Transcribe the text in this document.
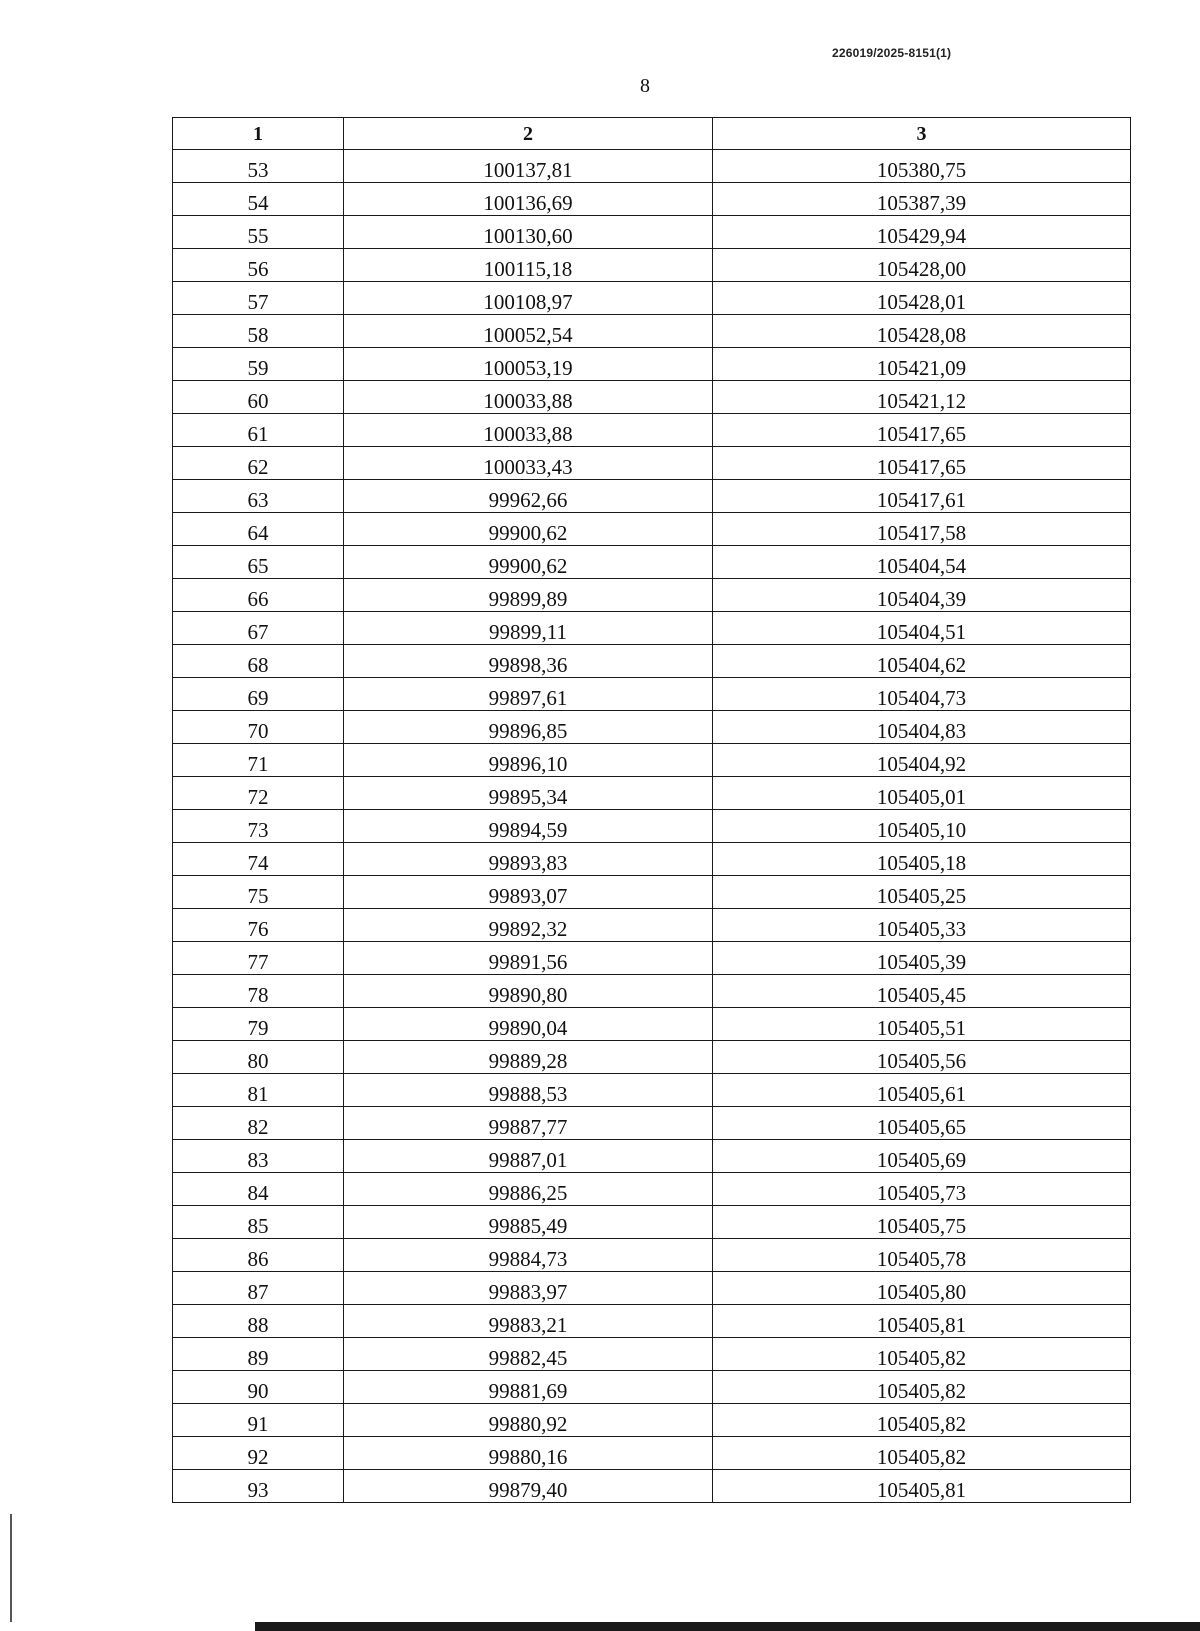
226019/2025-8151(1)
8
1	2	3
53	100137,81	105380,75
54	100136,69	105387,39
55	100130,60	105429,94
56	100115,18	105428,00
57	100108,97	105428,01
58	100052,54	105428,08
59	100053,19	105421,09
60	100033,88	105421,12
61	100033,88	105417,65
62	100033,43	105417,65
63	99962,66	105417,61
64	99900,62	105417,58
65	99900,62	105404,54
66	99899,89	105404,39
67	99899,11	105404,51
68	99898,36	105404,62
69	99897,61	105404,73
70	99896,85	105404,83
71	99896,10	105404,92
72	99895,34	105405,01
73	99894,59	105405,10
74	99893,83	105405,18
75	99893,07	105405,25
76	99892,32	105405,33
77	99891,56	105405,39
78	99890,80	105405,45
79	99890,04	105405,51
80	99889,28	105405,56
81	99888,53	105405,61
82	99887,77	105405,65
83	99887,01	105405,69
84	99886,25	105405,73
85	99885,49	105405,75
86	99884,73	105405,78
87	99883,97	105405,80
88	99883,21	105405,81
89	99882,45	105405,82
90	99881,69	105405,82
91	99880,92	105405,82
92	99880,16	105405,82
93	99879,40	105405,81
